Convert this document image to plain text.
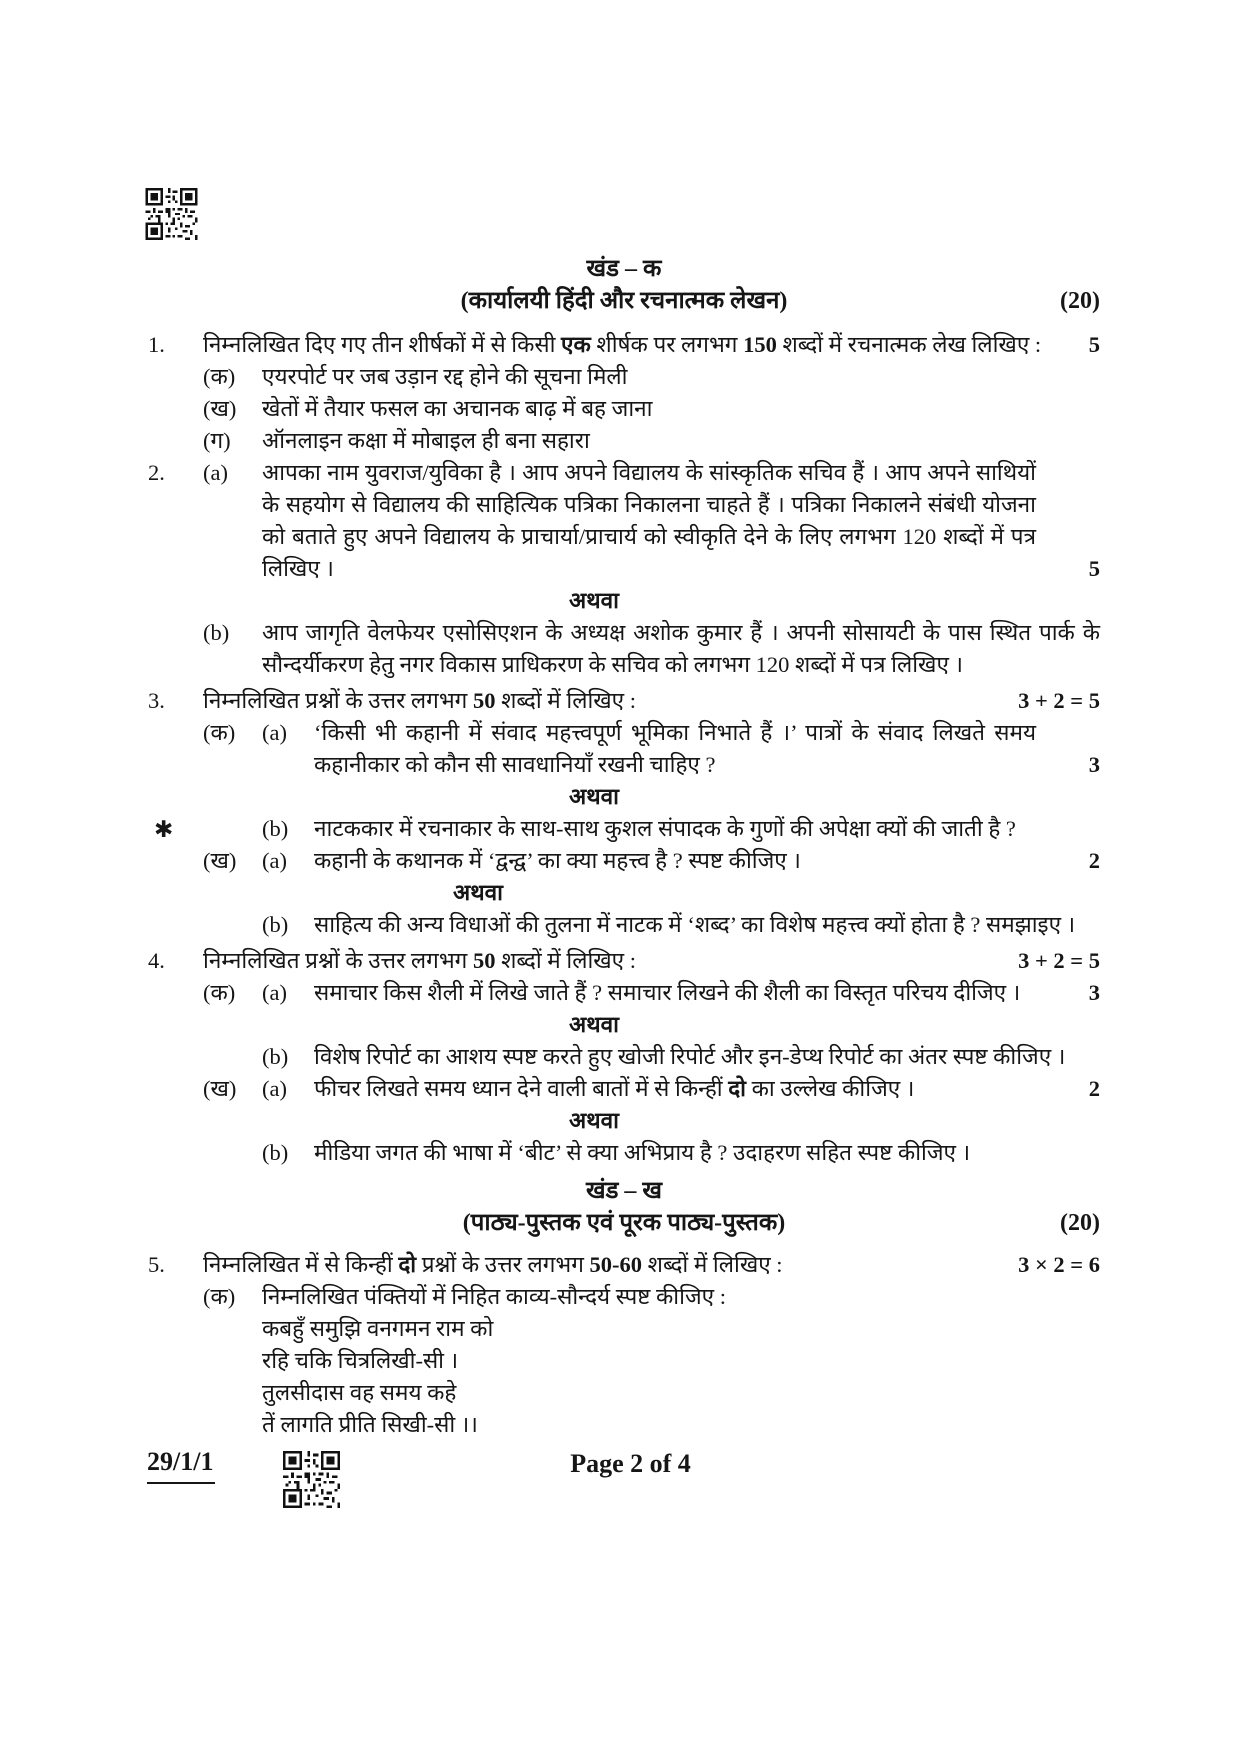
✱
खंड – क
(कार्यालयी हिंदी और रचनात्मक लेखन)	(20)
1.	निम्नलिखित दिए गए तीन शीर्षकों में से किसी एक शीर्षक पर लगभग 150 शब्दों में रचनात्मक लेख लिखिए :	5
(क)	एयरपोर्ट पर जब उड़ान रद्द होने की सूचना मिली
(ख)	खेतों में तैयार फसल का अचानक बाढ़ में बह जाना
(ग)	ऑनलाइन कक्षा में मोबाइल ही बना सहारा
2.	(a)	आपका नाम युवराज/युविका है । आप अपने विद्यालय के सांस्कृतिक सचिव हैं । आप अपने साथियों के सहयोग से विद्यालय की साहित्यिक पत्रिका निकालना चाहते हैं । पत्रिका निकालने संबंधी योजना को बताते हुए अपने विद्यालय के प्राचार्या/प्राचार्य को स्वीकृति देने के लिए लगभग 120 शब्दों में पत्र लिखिए ।	5
अथवा
(b)	आप जागृति वेलफेयर एसोसिएशन के अध्यक्ष अशोक कुमार हैं । अपनी सोसायटी के पास स्थित पार्क के सौन्दर्यीकरण हेतु नगर विकास प्राधिकरण के सचिव को लगभग 120 शब्दों में पत्र लिखिए ।
3.	निम्नलिखित प्रश्नों के उत्तर लगभग 50 शब्दों में लिखिए :	3 + 2 = 5
(क)	(a)	‘किसी भी कहानी में संवाद महत्त्वपूर्ण भूमिका निभाते हैं ।’ पात्रों के संवाद लिखते समय कहानीकार को कौन सी सावधानियाँ रखनी चाहिए ?	3
अथवा
(b)	नाटककार में रचनाकार के साथ-साथ कुशल संपादक के गुणों की अपेक्षा क्यों की जाती है ?
(ख)	(a)	कहानी के कथानक में ‘द्वन्द्व’ का क्या महत्त्व है ? स्पष्ट कीजिए ।	2
अथवा
(b)	साहित्य की अन्य विधाओं की तुलना में नाटक में ‘शब्द’ का विशेष महत्त्व क्यों होता है ? समझाइए ।
4.	निम्नलिखित प्रश्नों के उत्तर लगभग 50 शब्दों में लिखिए :	3 + 2 = 5
(क)	(a)	समाचार किस शैली में लिखे जाते हैं ? समाचार लिखने की शैली का विस्तृत परिचय दीजिए ।	3
अथवा
(b)	विशेष रिपोर्ट का आशय स्पष्ट करते हुए खोजी रिपोर्ट और इन-डेप्थ रिपोर्ट का अंतर स्पष्ट कीजिए ।
(ख)	(a)	फीचर लिखते समय ध्यान देने वाली बातों में से किन्हीं दो का उल्लेख कीजिए ।	2
अथवा
(b)	मीडिया जगत की भाषा में ‘बीट’ से क्या अभिप्राय है ? उदाहरण सहित स्पष्ट कीजिए ।
खंड – ख
(पाठ्य-पुस्तक एवं पूरक पाठ्य-पुस्तक)	(20)
5.	निम्नलिखित में से किन्हीं दो प्रश्नों के उत्तर लगभग 50-60 शब्दों में लिखिए :	3 × 2 = 6
(क)	निम्नलिखित पंक्तियों में निहित काव्य-सौन्दर्य स्पष्ट कीजिए :
कबहुँ समुझि वनगमन राम को
रहि चकि चित्रलिखी-सी ।
तुलसीदास वह समय कहे
तें लागति प्रीति सिखी-सी ।।
29/1/1	Page 2 of 4
